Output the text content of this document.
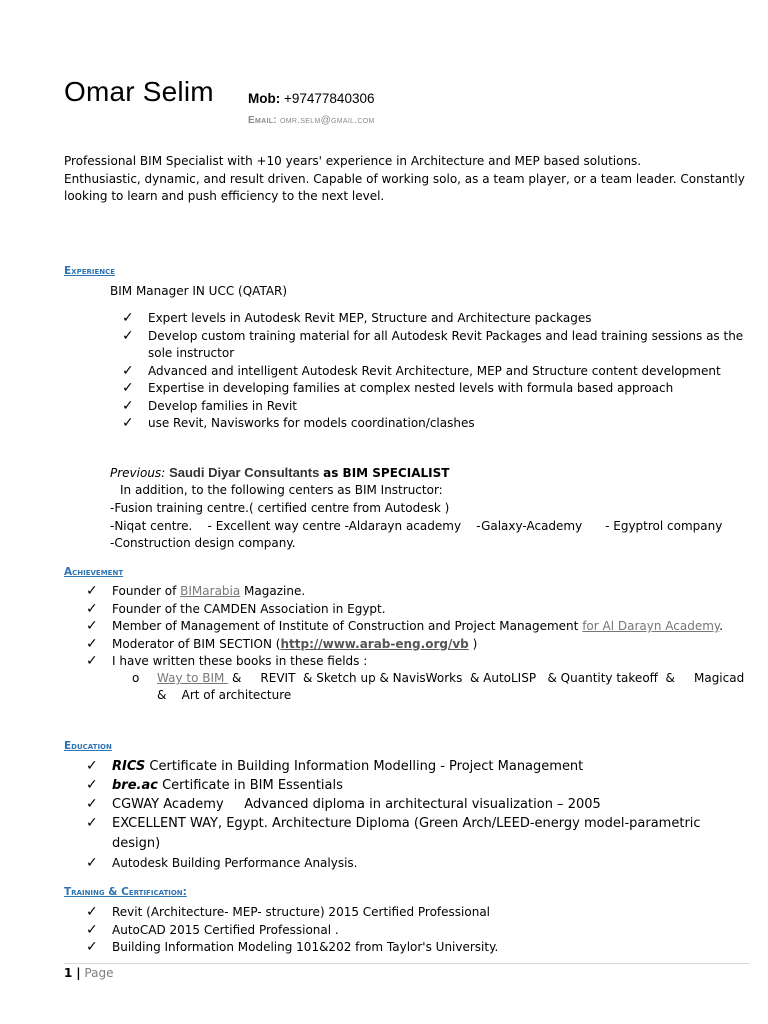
Omar Selim	Mob: +97477840306
Email: omr.selm@gmail.com
Professional BIM Specialist with +10 years' experience in Architecture and MEP based solutions.
Enthusiastic, dynamic, and result driven. Capable of working solo, as a team player, or a team leader. Constantly
looking to learn and push efficiency to the next level.
Experience
BIM Manager IN UCC (QATAR)
✓ Expert levels in Autodesk Revit MEP, Structure and Architecture packages
✓ Develop custom training material for all Autodesk Revit Packages and lead training sessions as the
sole instructor
✓ Advanced and intelligent Autodesk Revit Architecture, MEP and Structure content development
✓ Expertise in developing families at complex nested levels with formula based approach
✓ Develop families in Revit
✓ use Revit, Navisworks for models coordination/clashes
Previous: Saudi Diyar Consultants as BIM SPECIALIST
In addition, to the following centers as BIM Instructor:
-Fusion training centre.( certified centre from Autodesk )
-Niqat centre.    - Excellent way centre -Aldarayn academy    -Galaxy-Academy      - Egyptrol company
-Construction design company.
Achievement
✓ Founder of BIMarabia Magazine.
✓ Founder of the CAMDEN Association in Egypt.
✓ Member of Management of Institute of Construction and Project Management for Al Darayn Academy.
✓ Moderator of BIM SECTION (http://www.arab-eng.org/vb )
✓ I have written these books in these fields :
o Way to BIM  &     REVIT  & Sketch up & NavisWorks  & AutoLISP   & Quantity takeoff  &     Magicad
&    Art of architecture
Education
✓ RICS Certificate in Building Information Modelling - Project Management
✓ bre.ac Certificate in BIM Essentials
✓ CGWAY Academy     Advanced diploma in architectural visualization – 2005
✓ EXCELLENT WAY, Egypt. Architecture Diploma (Green Arch/LEED-energy model-parametric
design)
✓ Autodesk Building Performance Analysis.
Training & Certification:
✓ Revit (Architecture- MEP- structure) 2015 Certified Professional
✓ AutoCAD 2015 Certified Professional .
✓ Building Information Modeling 101&202 from Taylor's University.
1 | Page
